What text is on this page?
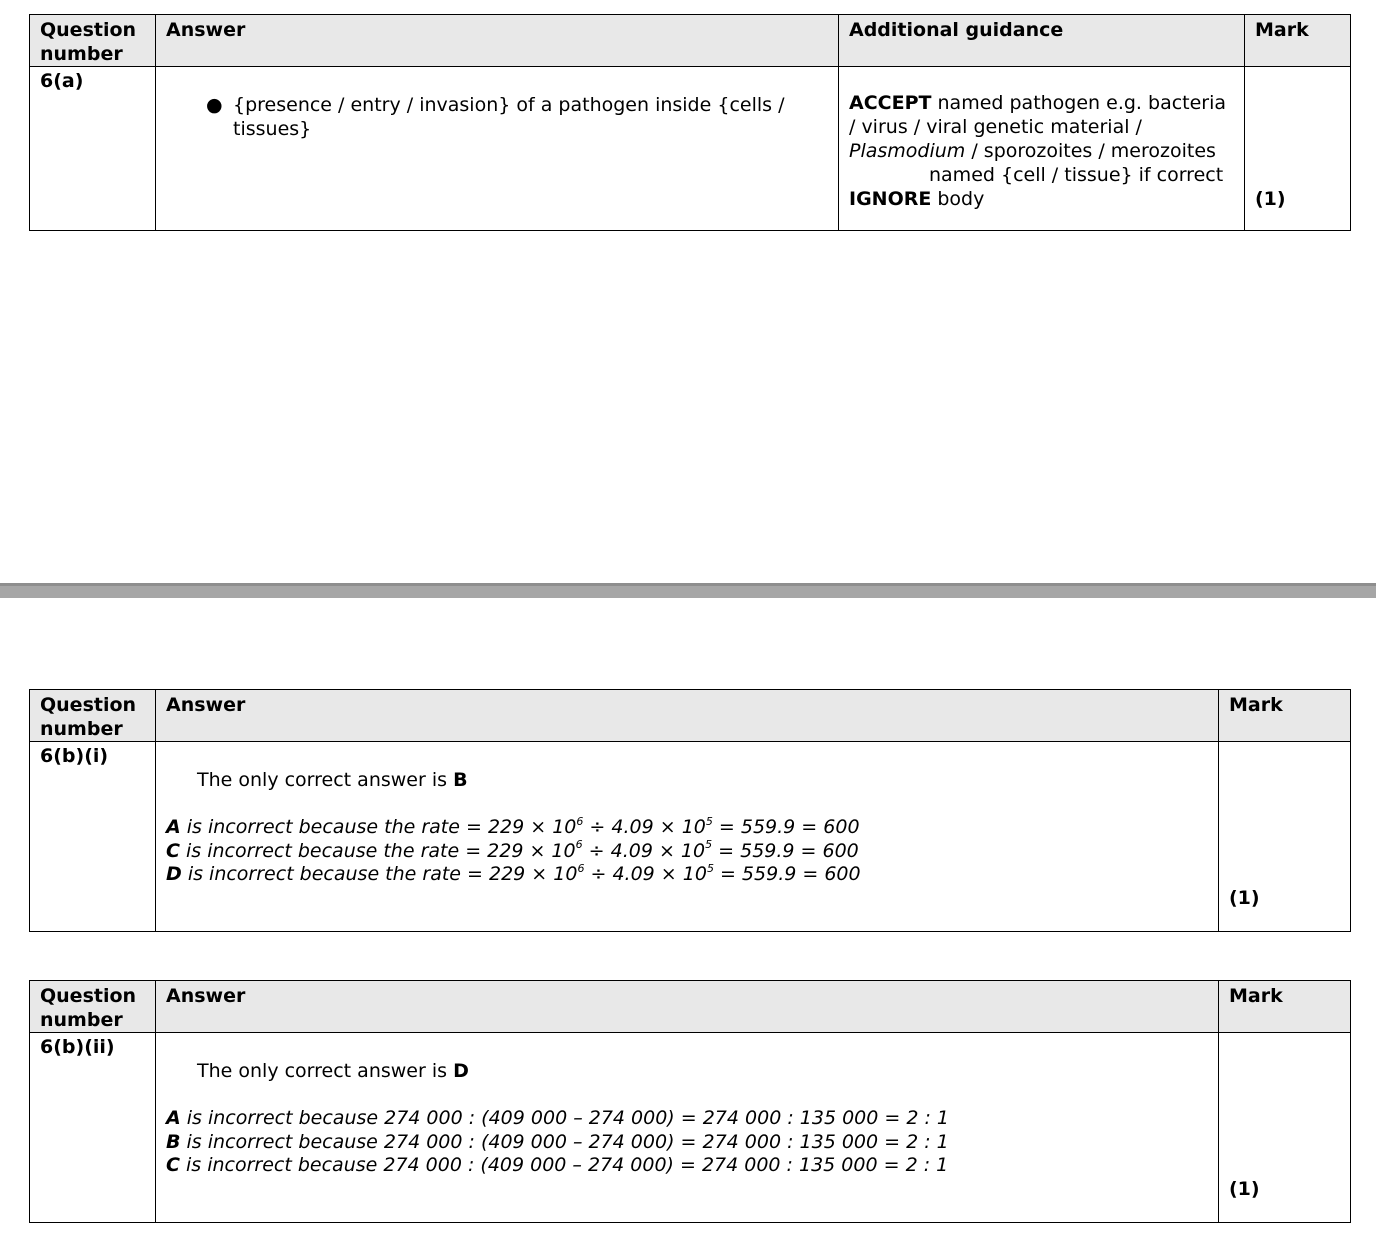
Question number	Answer	Additional guidance	Mark
6(a)	● {presence / entry / invasion} of a pathogen inside {cells / tissues}	ACCEPT named pathogen e.g. bacteria / virus / viral genetic material / Plasmodium / sporozoites / merozoites
named {cell / tissue} if correct
IGNORE body	(1)
Question number	Answer	Mark
6(b)(i)	The only correct answer is B
A is incorrect because the rate = $229 \times 10^6 \div 4.09 \times 10^5 = 559.9 = 600$
C is incorrect because the rate = $229 \times 10^6 \div 4.09 \times 10^5 = 559.9 = 600$
D is incorrect because the rate = $229 \times 10^6 \div 4.09 \times 10^5 = 559.9 = 600$	(1)
Question number	Answer	Mark
6(b)(ii)	The only correct answer is D
A is incorrect because 274 000 : (409 000 – 274 000) = 274 000 : 135 000 = 2 : 1
B is incorrect because 274 000 : (409 000 – 274 000) = 274 000 : 135 000 = 2 : 1
C is incorrect because 274 000 : (409 000 – 274 000) = 274 000 : 135 000 = 2 : 1	(1)
